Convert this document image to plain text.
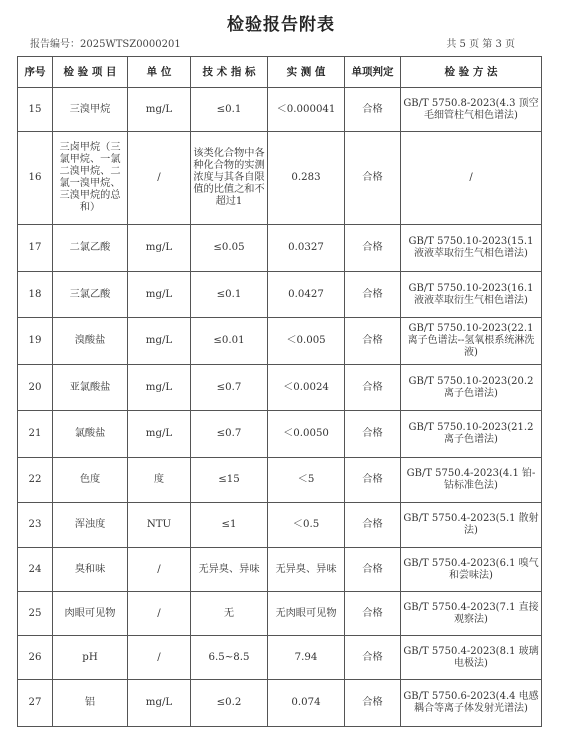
检验报告附表
报告编号：2025WTSZ0000201	共 5 页 第 3 页
序号	检 验 项 目	单 位	技 术 指 标	实 测 值	单项判定	检 验 方 法
15	三溴甲烷	mg/L	≤0.1	＜0.000041	合格	GB/T 5750.8-2023(4.3 顶空毛细管柱气相色谱法)
16	三卤甲烷（三氯甲烷、一氯二溴甲烷、二氯一溴甲烷、三溴甲烷的总和）	/	该类化合物中各种化合物的实测浓度与其各自限值的比值之和不超过1	0.283	合格	/
17	二氯乙酸	mg/L	≤0.05	0.0327	合格	GB/T 5750.10-2023(15.1 液液萃取衍生气相色谱法)
18	三氯乙酸	mg/L	≤0.1	0.0427	合格	GB/T 5750.10-2023(16.1 液液萃取衍生气相色谱法)
19	溴酸盐	mg/L	≤0.01	＜0.005	合格	GB/T 5750.10-2023(22.1 离子色谱法--氢氧根系统淋洗液)
20	亚氯酸盐	mg/L	≤0.7	＜0.0024	合格	GB/T 5750.10-2023(20.2 离子色谱法)
21	氯酸盐	mg/L	≤0.7	＜0.0050	合格	GB/T 5750.10-2023(21.2 离子色谱法)
22	色度	度	≤15	＜5	合格	GB/T 5750.4-2023(4.1 铂-钴标准色法)
23	浑浊度	NTU	≤1	＜0.5	合格	GB/T 5750.4-2023(5.1 散射法)
24	臭和味	/	无异臭、异味	无异臭、异味	合格	GB/T 5750.4-2023(6.1 嗅气和尝味法)
25	肉眼可见物	/	无	无肉眼可见物	合格	GB/T 5750.4-2023(7.1 直接观察法)
26	pH	/	6.5~8.5	7.94	合格	GB/T 5750.4-2023(8.1 玻璃电极法)
27	铝	mg/L	≤0.2	0.074	合格	GB/T 5750.6-2023(4.4 电感耦合等离子体发射光谱法)
